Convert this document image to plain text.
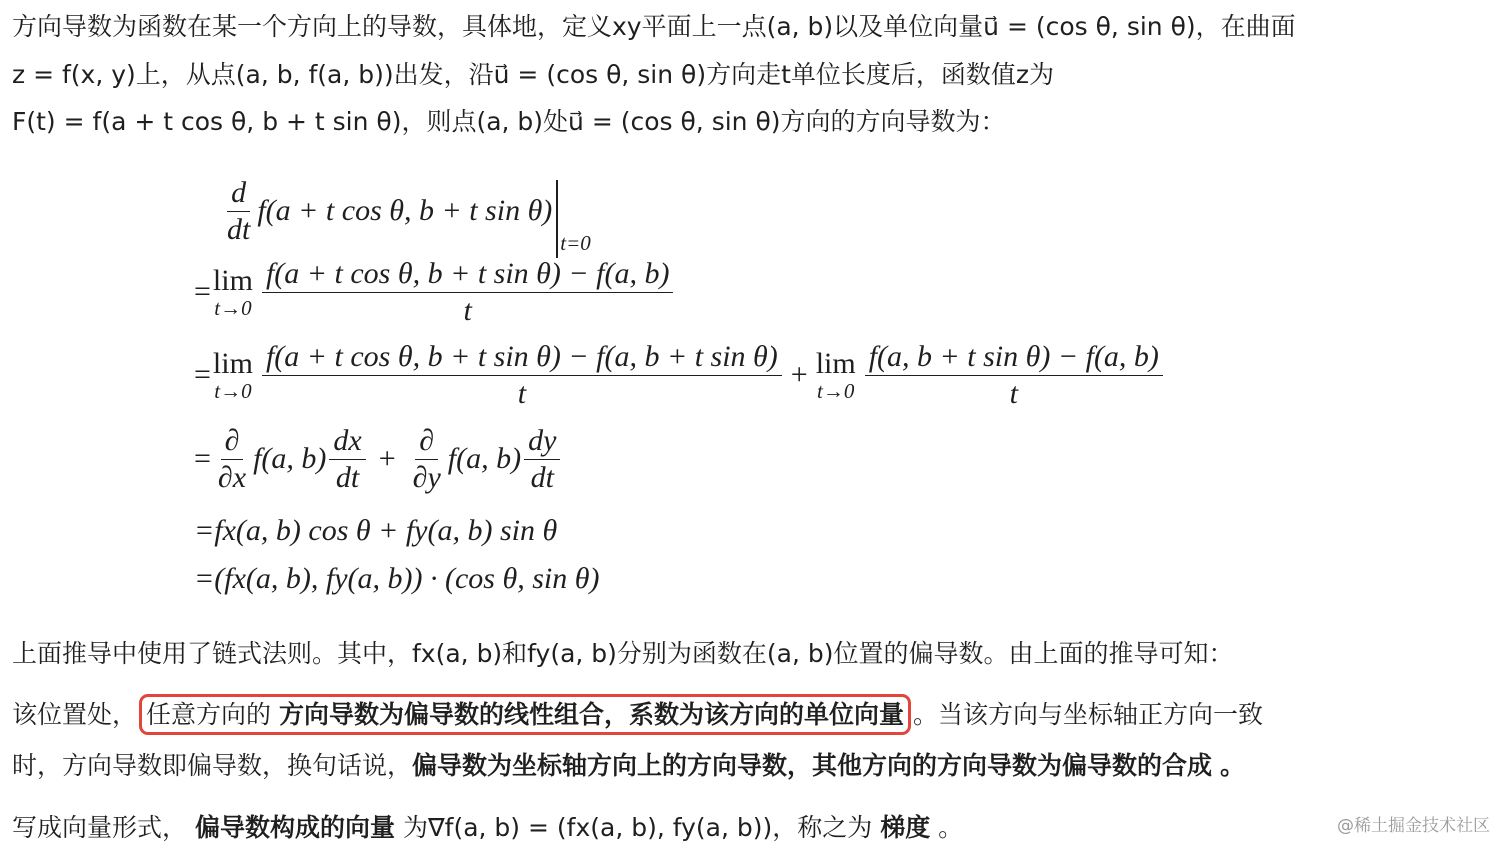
方向导数为函数在某一个方向上的导数，具体地，定义xy平面上一点(a, b)以及单位向量u⃗ = (cos θ, sin θ)，在曲面
z = f(x, y)上，从点(a, b, f(a, b))出发，沿u⃗ = (cos θ, sin θ)方向走t单位长度后，函数值z为
F(t) = f(a + t cos θ, b + t sin θ)，则点(a, b)处u⃗ = (cos θ, sin θ)方向的方向导数为：
$\frac{d}{dt} f(a + t$ cos θ, b + t sin θ)
t=0
= lim
$t\to 0 \frac{\text{f(a + t cos θ, b + t sin θ) − f(a, b)}}{t}$
= lim
$t\to 0 \frac{\text{f(a + t cos θ, b + t sin θ) − f(a, b + t sin θ)}}{t} + \lim$
$t\to 0 \frac{\text{f(a, b + t sin θ) − f(a, b)}}{t}$
= $\frac{\partial}{\partial x} f(a$, $b) \frac{dx}{dt} + \frac{\partial}{\partial y} f(a$, $b) \frac{dy}{dt}$
=fx(a, b) cos θ + fy(a, b) sin θ
=(fx(a, b), fy(a, b)) · (cos θ, sin θ)
上面推导中使用了链式法则。其中，fx(a, b)和fy(a, b)分别为函数在(a, b)位置的偏导数。由上面的推导可知：
该位置处， 任意方向的 方向导数为偏导数的线性组合，系数为该方向的单位向量 。当该方向与坐标轴正方向一致
时，方向导数即偏导数，换句话说，偏导数为坐标轴方向上的方向导数，其他方向的方向导数为偏导数的合成 。
写成向量形式， 偏导数构成的向量 为∇f(a, b) = (fx(a, b), fy(a, b))，称之为 梯度 。	@稀土掘金技术社区
